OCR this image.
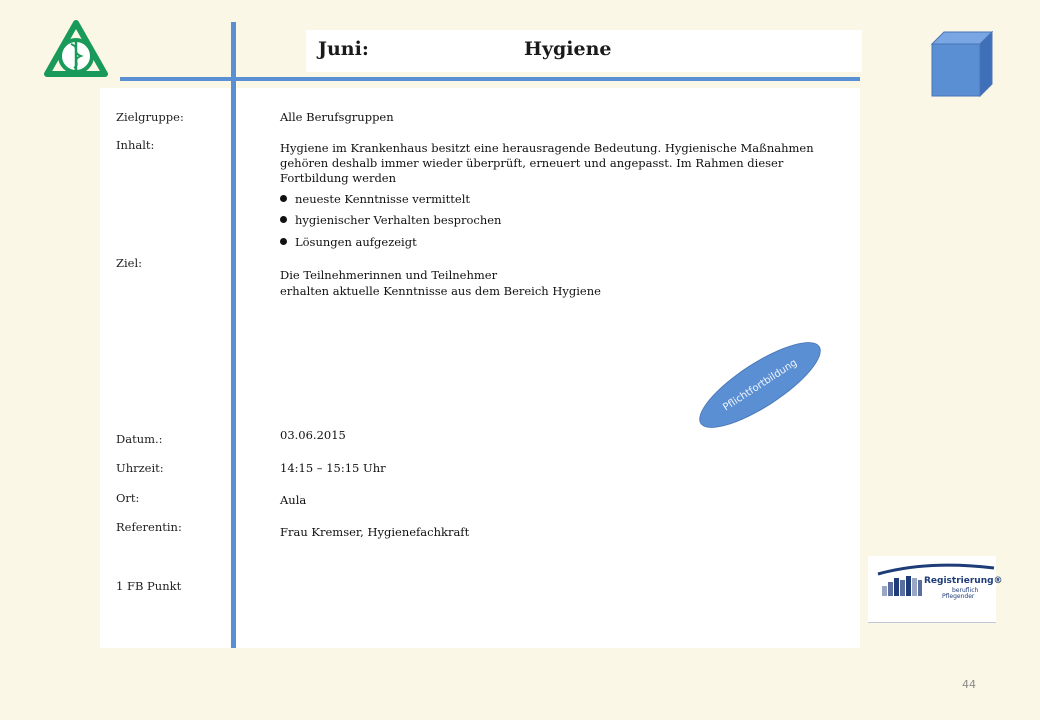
Juni:	Hygiene
Zielgruppe:
Inhalt:
Ziel:
Datum.:
Uhrzeit:
Ort:
Referentin:
1 FB Punkt
Alle Berufsgruppen
Hygiene im Krankenhaus besitzt eine herausragende Bedeutung. Hygienische Maßnahmen gehören deshalb immer wieder überprüft, erneuert und angepasst. Im Rahmen dieser Fortbildung werden
neueste Kenntnisse vermittelt
hygienischer Verhalten besprochen
Lösungen aufgezeigt
Die Teilnehmerinnen und Teilnehmer
erhalten aktuelle Kenntnisse aus dem Bereich Hygiene
03.06.2015
14:15 – 15:15 Uhr
Aula
Frau Kremser, Hygienefachkraft
Pflichtfortbildung
Registrierung®
beruflich
Pflegender
44
